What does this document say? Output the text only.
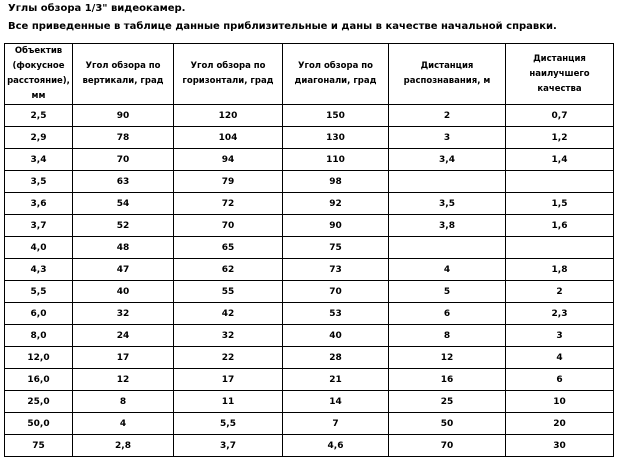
Углы обзора 1/3" видеокамер.
Все приведенные в таблице данные приблизительные и даны в качестве начальной справки.
Объектив (фокусное расстояние), мм	Угол обзора по вертикали, град	Угол обзора по горизонтали, град	Угол обзора по диагонали, град	Дистанция распознавания, м	Дистанция наилучшего качества
2,5	90	120	150	2	0,7
2,9	78	104	130	3	1,2
3,4	70	94	110	3,4	1,4
3,5	63	79	98		
3,6	54	72	92	3,5	1,5
3,7	52	70	90	3,8	1,6
4,0	48	65	75		
4,3	47	62	73	4	1,8
5,5	40	55	70	5	2
6,0	32	42	53	6	2,3
8,0	24	32	40	8	3
12,0	17	22	28	12	4
16,0	12	17	21	16	6
25,0	8	11	14	25	10
50,0	4	5,5	7	50	20
75	2,8	3,7	4,6	70	30
